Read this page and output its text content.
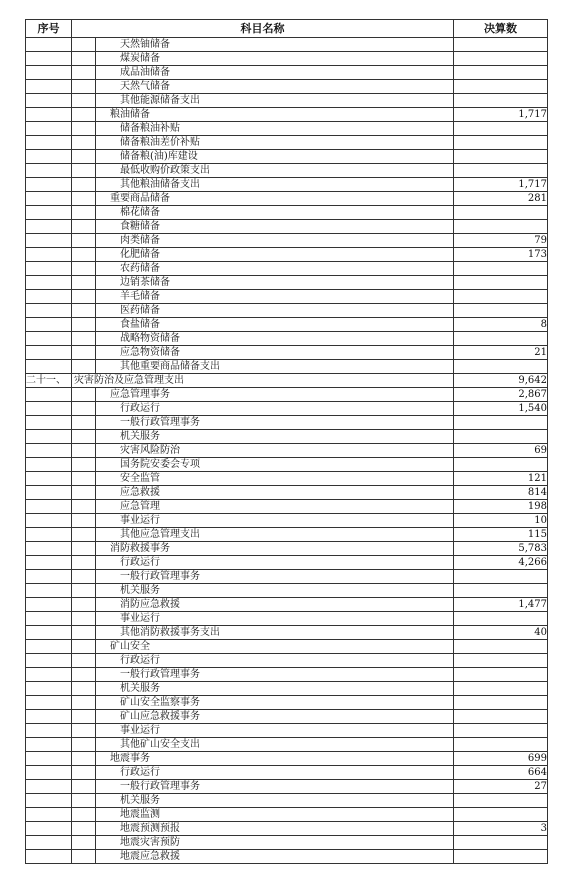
序号	科目名称		决算数
		天然铀储备	
		煤炭储备	
		成品油储备	
		天然气储备	
		其他能源储备支出	
		粮油储备	1,717
		储备粮油补贴	
		储备粮油差价补贴	
		储备粮(油)库建设	
		最低收购价政策支出	
		其他粮油储备支出	1,717
		重要商品储备	281
		棉花储备	
		食糖储备	
		肉类储备	79
		化肥储备	173
		农药储备	
		边销茶储备	
		羊毛储备	
		医药储备	
		食盐储备	8
		战略物资储备	
		应急物资储备	21
		其他重要商品储备支出	
二十一、	灾害防治及应急管理支出		9,642
		应急管理事务	2,867
		行政运行	1,540
		一般行政管理事务	
		机关服务	
		灾害风险防治	69
		国务院安委会专项	
		安全监管	121
		应急救援	814
		应急管理	198
		事业运行	10
		其他应急管理支出	115
		消防救援事务	5,783
		行政运行	4,266
		一般行政管理事务	
		机关服务	
		消防应急救援	1,477
		事业运行	
		其他消防救援事务支出	40
		矿山安全	
		行政运行	
		一般行政管理事务	
		机关服务	
		矿山安全监察事务	
		矿山应急救援事务	
		事业运行	
		其他矿山安全支出	
		地震事务	699
		行政运行	664
		一般行政管理事务	27
		机关服务	
		地震监测	
		地震预测预报	3
		地震灾害预防	
		地震应急救援	
